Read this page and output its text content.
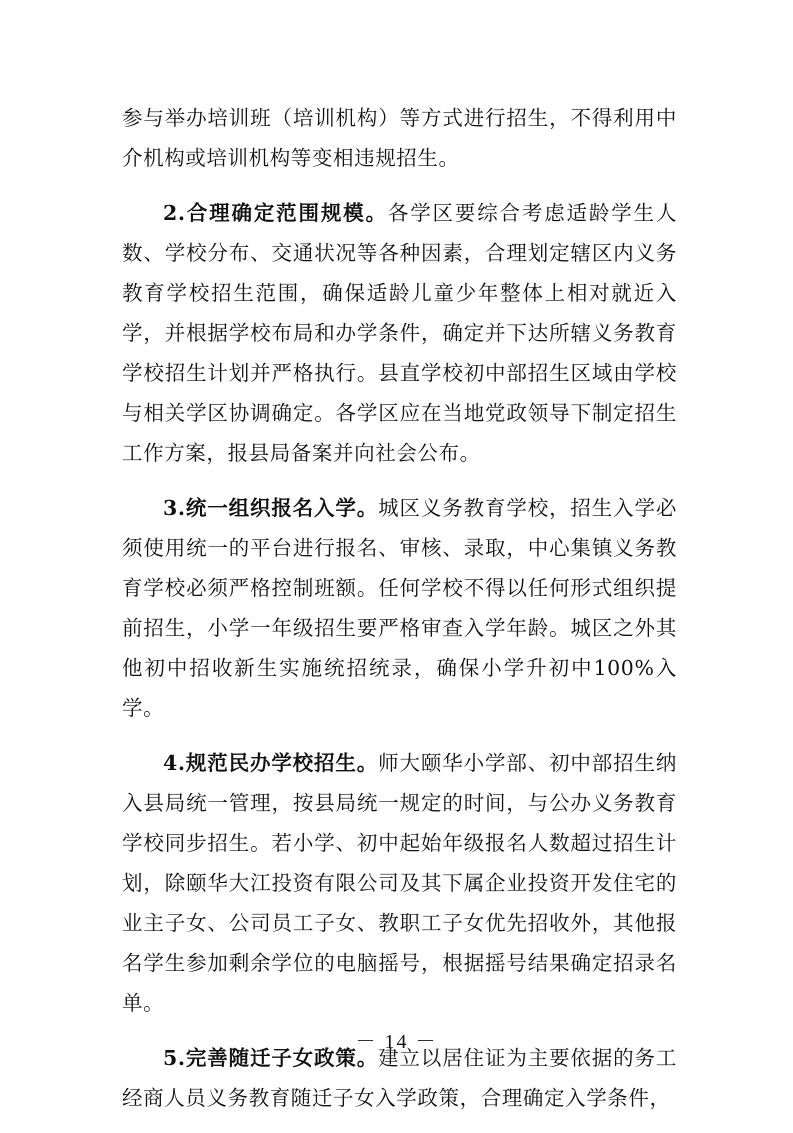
参与举办培训班（培训机构）等方式进行招生，不得利用中介机构或培训机构等变相违规招生。

2.合理确定范围规模。各学区要综合考虑适龄学生人数、学校分布、交通状况等各种因素，合理划定辖区内义务教育学校招生范围，确保适龄儿童少年整体上相对就近入学，并根据学校布局和办学条件，确定并下达所辖义务教育学校招生计划并严格执行。县直学校初中部招生区域由学校与相关学区协调确定。各学区应在当地党政领导下制定招生工作方案，报县局备案并向社会公布。

3.统一组织报名入学。城区义务教育学校，招生入学必须使用统一的平台进行报名、审核、录取，中心集镇义务教育学校必须严格控制班额。任何学校不得以任何形式组织提前招生，小学一年级招生要严格审查入学年龄。城区之外其他初中招收新生实施统招统录，确保小学升初中100%入学。

4.规范民办学校招生。师大颐华小学部、初中部招生纳入县局统一管理，按县局统一规定的时间，与公办义务教育学校同步招生。若小学、初中起始年级报名人数超过招生计划，除颐华大江投资有限公司及其下属企业投资开发住宅的业主子女、公司员工子女、教职工子女优先招收外，其他报名学生参加剩余学位的电脑摇号，根据摇号结果确定招录名单。

5.完善随迁子女政策。建立以居住证为主要依据的务工经商人员义务教育随迁子女入学政策，合理确定入学条件，

－ 14 －
